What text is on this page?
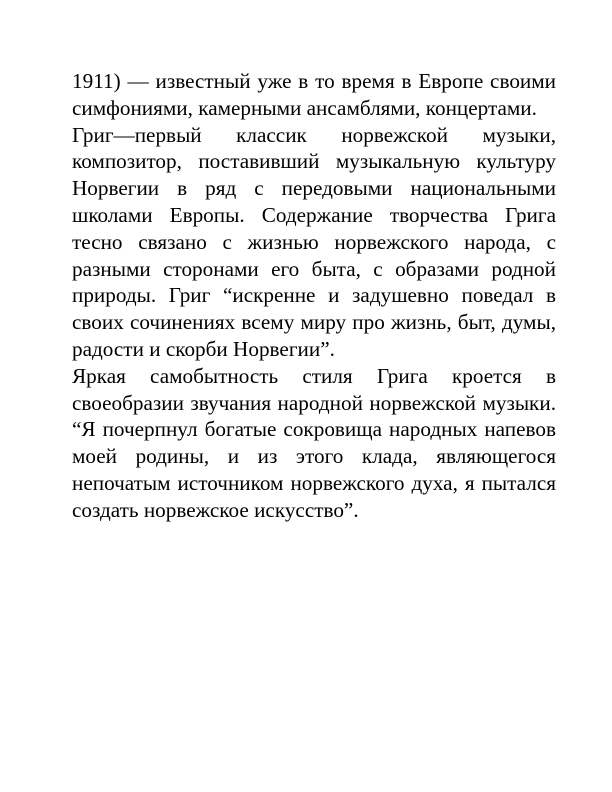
1911) — известный уже в то время в Европе своими симфониями, камерными ансамблями, концертами.

Григ—первый классик норвежской музыки, композитор, поставивший музыкальную культуру Норвегии в ряд с передовыми национальными школами Европы. Содержание творчества Грига тесно связано с жизнью норвежского народа, с разными сторонами его быта, с образами родной природы. Григ “искренне и задушевно поведал в своих сочинениях всему миру про жизнь, быт, думы, радости и скорби Норвегии”.

Яркая самобытность стиля Грига кроется в своеобразии звучания народной норвежской музыки. “Я почерпнул богатые сокровища народных напевов моей родины, и из этого клада, являющегося непочатым источником норвежского духа, я пытался создать норвежское искусство”.
